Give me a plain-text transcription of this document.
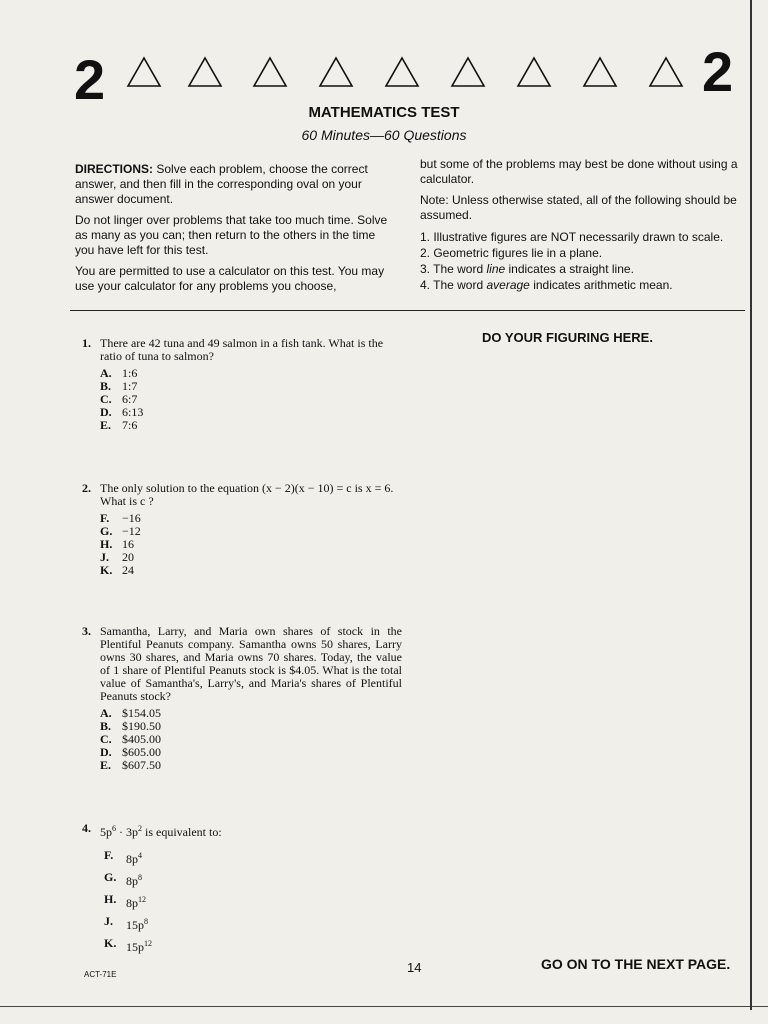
2	2
MATHEMATICS TEST
60 Minutes—60 Questions

DIRECTIONS: Solve each problem, choose the correct answer, and then fill in the corresponding oval on your answer document.

Do not linger over problems that take too much time. Solve as many as you can; then return to the others in the time you have left for this test.

You are permitted to use a calculator on this test. You may use your calculator for any problems you choose,

but some of the problems may best be done without using a calculator.

Note: Unless otherwise stated, all of the following should be assumed.

1. Illustrative figures are NOT necessarily drawn to scale.
2. Geometric figures lie in a plane.
3. The word line indicates a straight line.
4. The word average indicates arithmetic mean.
DO YOUR FIGURING HERE.
1. There are 42 tuna and 49 salmon in a fish tank. What is the ratio of tuna to salmon?
A. 1:6
B. 1:7
C. 6:7
D. 6:13
E. 7:6
2. The only solution to the equation (x − 2)(x − 10) = c is x = 6. What is c ?
F.	−16
G. −12
H. 16
J.	20
K. 24
3. Samantha, Larry, and Maria own shares of stock in the Plentiful Peanuts company. Samantha owns 50 shares, Larry owns 30 shares, and Maria owns 70 shares. Today, the value of 1 share of Plentiful Peanuts stock is $4.05. What is the total value of Samantha's, Larry's, and Maria's shares of Plentiful Peanuts stock?
A. $154.05
B. $190.50
C. $405.00
D. $605.00
E. $607.50
4. $5p^6 \cdot 3p^2$ is equivalent to:
F.	$8p^4$
G. $8p^8$
H. $8p^{12}$
J.	$15p^8$
K. $15p^{12}$
ACT-71E	14	GO ON TO THE NEXT PAGE.
